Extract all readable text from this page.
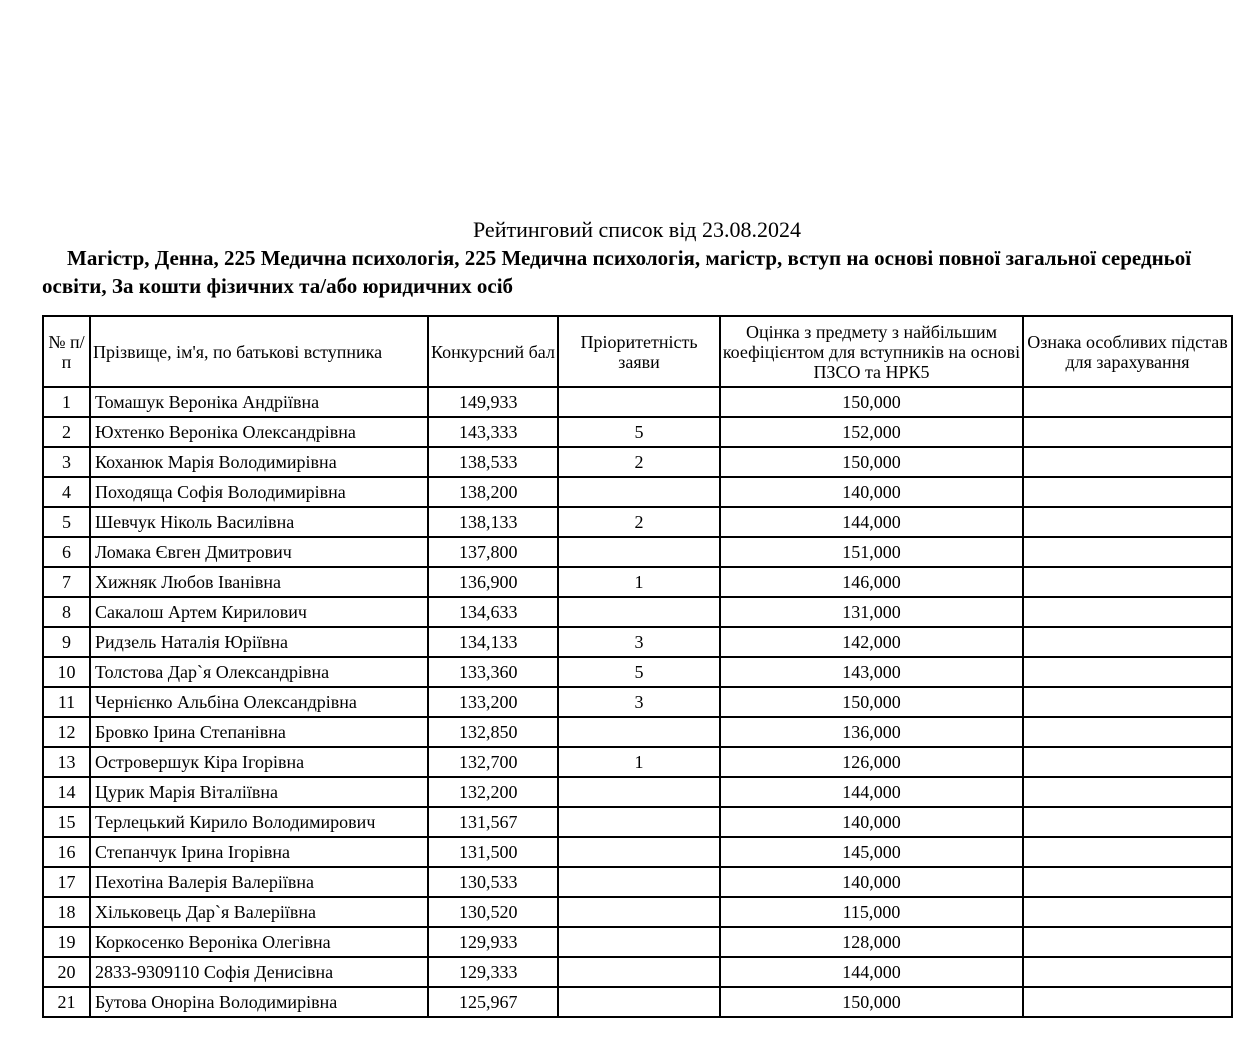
Рейтинговий список від 23.08.2024
Магістр, Денна, 225 Медична психологія, 225 Медична психологія, магістр, вступ на основі повної загальної середньої освіти, За кошти фізичних та/або юридичних осіб
№ п/п	Прізвище, ім'я, по батькові вступника	Конкурсний бал	Пріоритетність заяви	Оцінка з предмету з найбільшим коефіцієнтом для вступників на основі ПЗСО та НРК5	Ознака особливих підстав для зарахування
1	Томашук Вероніка Андріївна	149,933		150,000	
2	Юхтенко Вероніка Олександрівна	143,333	5	152,000	
3	Коханюк Марія Володимирівна	138,533	2	150,000	
4	Походяща Софія Володимирівна	138,200		140,000	
5	Шевчук Ніколь Василівна	138,133	2	144,000	
6	Ломака Євген Дмитрович	137,800		151,000	
7	Хижняк Любов Іванівна	136,900	1	146,000	
8	Сакалош Артем Кирилович	134,633		131,000	
9	Ридзель Наталія Юріївна	134,133	3	142,000	
10	Толстова Дар`я Олександрівна	133,360	5	143,000	
11	Чернієнко Альбіна Олександрівна	133,200	3	150,000	
12	Бровко Ірина Степанівна	132,850		136,000	
13	Островершук Кіра Ігорівна	132,700	1	126,000	
14	Цурик Марія Віталіївна	132,200		144,000	
15	Терлецький Кирило Володимирович	131,567		140,000	
16	Степанчук Ірина Ігорівна	131,500		145,000	
17	Пехотіна Валерія Валеріївна	130,533		140,000	
18	Хільковець Дар`я Валеріївна	130,520		115,000	
19	Коркосенко Вероніка Олегівна	129,933		128,000	
20	2833-9309110 Софія Денисівна	129,333		144,000	
21	Бутова Онорiна Володимирівна	125,967		150,000	
